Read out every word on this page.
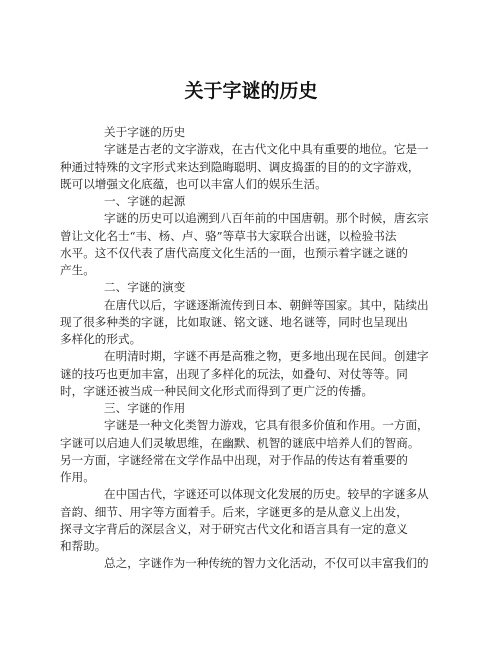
关于字谜的历史
关于字谜的历史
字谜是古老的文字游戏，在古代文化中具有重要的地位。它是一
种通过特殊的文字形式来达到隐晦聪明、调皮捣蛋的目的的文字游戏，
既可以增强文化底蕴，也可以丰富人们的娱乐生活。
一、字谜的起源
字谜的历史可以追溯到八百年前的中国唐朝。那个时候，唐玄宗
曾让文化名士“韦、杨、卢、骆”等草书大家联合出谜，以检验书法
水平。这不仅代表了唐代高度文化生活的一面，也预示着字谜之谜的
产生。
二、字谜的演变
在唐代以后，字谜逐渐流传到日本、朝鲜等国家。其中，陆续出
现了很多种类的字谜，比如取谜、铭文谜、地名谜等，同时也呈现出
多样化的形式。
在明清时期，字谜不再是高雅之物，更多地出现在民间。创建字
谜的技巧也更加丰富，出现了多样化的玩法，如叠句、对仗等等。同
时，字谜还被当成一种民间文化形式而得到了更广泛的传播。
三、字谜的作用
字谜是一种文化类智力游戏，它具有很多价值和作用。一方面，
字谜可以启迪人们灵敏思维，在幽默、机智的谜底中培养人们的智商。
另一方面，字谜经常在文学作品中出现，对于作品的传达有着重要的
作用。
在中国古代，字谜还可以体现文化发展的历史。较早的字谜多从
音韵、细节、用字等方面着手。后来，字谜更多的是从意义上出发，
探寻文字背后的深层含义，对于研究古代文化和语言具有一定的意义
和帮助。
总之，字谜作为一种传统的智力文化活动，不仅可以丰富我们的
